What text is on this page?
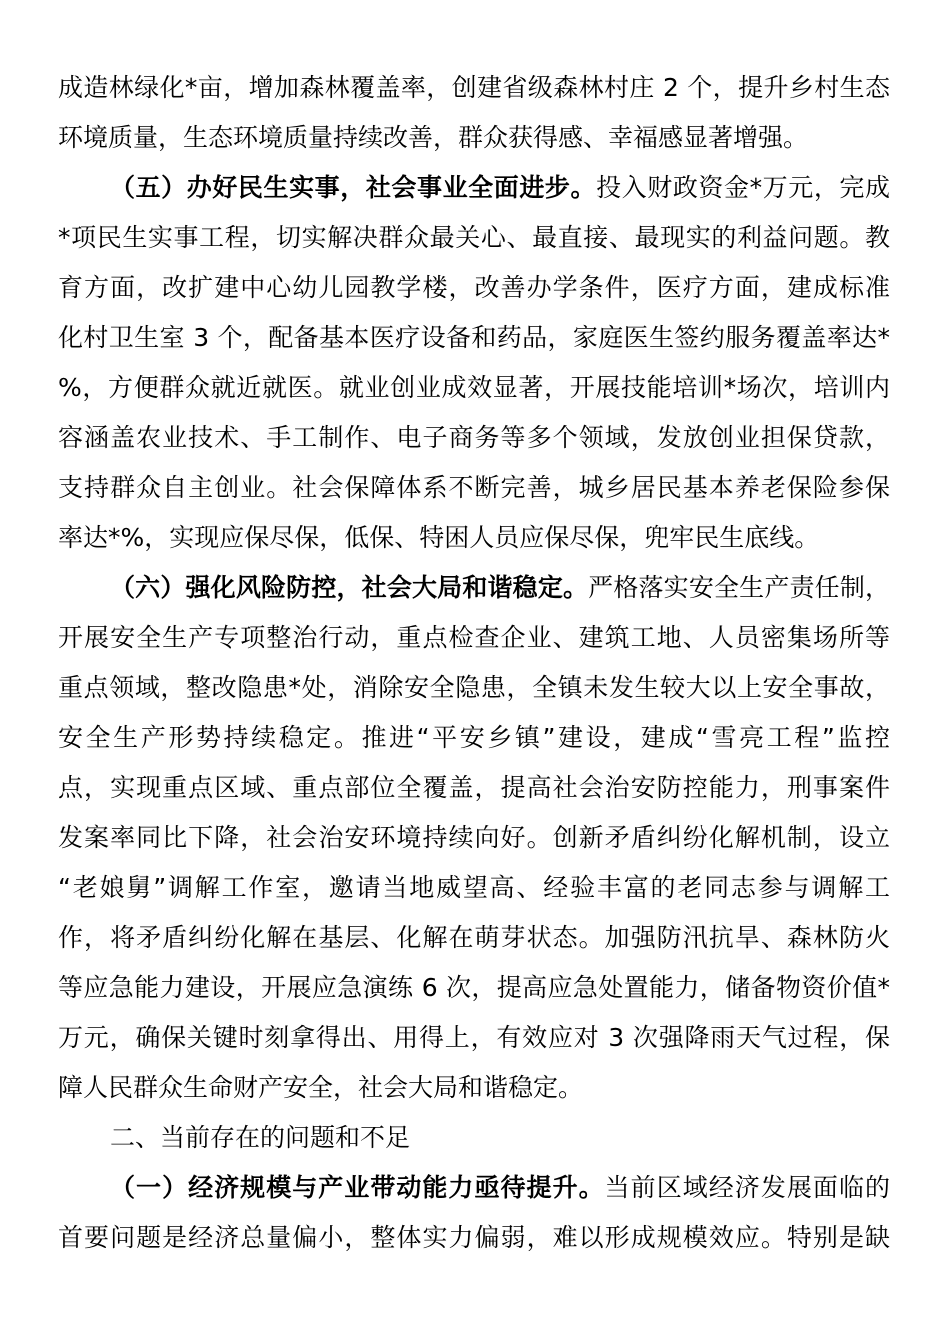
成造林绿化*亩，增加森林覆盖率，创建省级森林村庄 2 个，提升乡村生态
环境质量，生态环境质量持续改善，群众获得感、幸福感显著增强。
（五）办好民生实事，社会事业全面进步。投入财政资金*万元，完成
*项民生实事工程，切实解决群众最关心、最直接、最现实的利益问题。教
育方面，改扩建中心幼儿园教学楼，改善办学条件，医疗方面，建成标准
化村卫生室 3 个，配备基本医疗设备和药品，家庭医生签约服务覆盖率达*
%，方便群众就近就医。就业创业成效显著，开展技能培训*场次，培训内
容涵盖农业技术、手工制作、电子商务等多个领域，发放创业担保贷款，
支持群众自主创业。社会保障体系不断完善，城乡居民基本养老保险参保
率达*%，实现应保尽保，低保、特困人员应保尽保，兜牢民生底线。
（六）强化风险防控，社会大局和谐稳定。严格落实安全生产责任制，
开展安全生产专项整治行动，重点检查企业、建筑工地、人员密集场所等
重点领域，整改隐患*处，消除安全隐患，全镇未发生较大以上安全事故，
安全生产形势持续稳定。推进“平安乡镇”建设，建成“雪亮工程”监控
点，实现重点区域、重点部位全覆盖，提高社会治安防控能力，刑事案件
发案率同比下降，社会治安环境持续向好。创新矛盾纠纷化解机制，设立
“老娘舅”调解工作室，邀请当地威望高、经验丰富的老同志参与调解工
作，将矛盾纠纷化解在基层、化解在萌芽状态。加强防汛抗旱、森林防火
等应急能力建设，开展应急演练 6 次，提高应急处置能力，储备物资价值*
万元，确保关键时刻拿得出、用得上，有效应对 3 次强降雨天气过程，保
障人民群众生命财产安全，社会大局和谐稳定。
二、当前存在的问题和不足
（一）经济规模与产业带动能力亟待提升。当前区域经济发展面临的
首要问题是经济总量偏小，整体实力偏弱，难以形成规模效应。特别是缺
